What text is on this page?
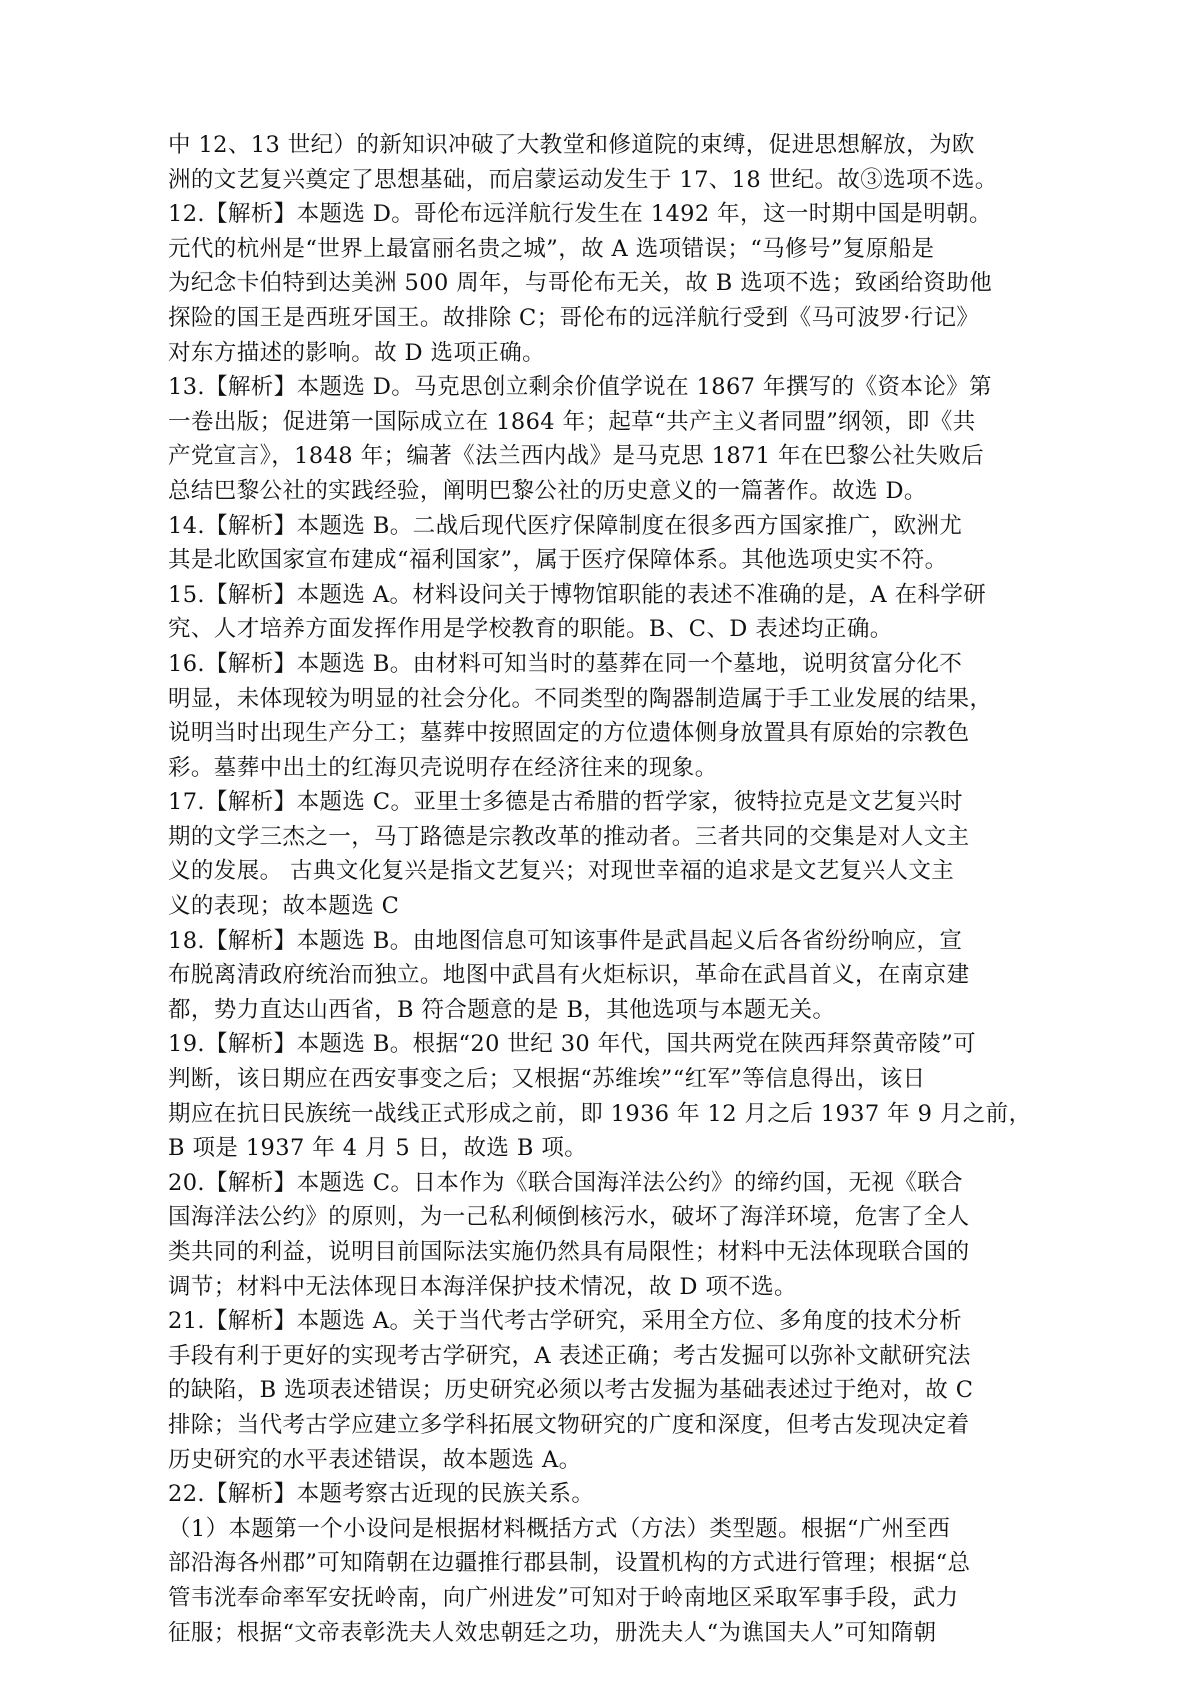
中 12、13 世纪）的新知识冲破了大教堂和修道院的束缚，促进思想解放，为欧
洲的文艺复兴奠定了思想基础，而启蒙运动发生于 17、18 世纪。故③选项不选。
12.【解析】本题选 D。哥伦布远洋航行发生在 1492 年，这一时期中国是明朝。
元代的杭州是“世界上最富丽名贵之城”，故 A 选项错误；“马修号”复原船是
为纪念卡伯特到达美洲 500 周年，与哥伦布无关，故 B 选项不选；致函给资助他
探险的国王是西班牙国王。故排除 C；哥伦布的远洋航行受到《马可波罗·行记》
对东方描述的影响。故 D 选项正确。
13.【解析】本题选 D。马克思创立剩余价值学说在 1867 年撰写的《资本论》第
一卷出版；促进第一国际成立在 1864 年；起草“共产主义者同盟”纲领，即《共
产党宣言》，1848 年；编著《法兰西内战》是马克思 1871 年在巴黎公社失败后
总结巴黎公社的实践经验，阐明巴黎公社的历史意义的一篇著作。故选 D。
14.【解析】本题选 B。二战后现代医疗保障制度在很多西方国家推广，欧洲尤
其是北欧国家宣布建成“福利国家”，属于医疗保障体系。其他选项史实不符。
15.【解析】本题选 A。材料设问关于博物馆职能的表述不准确的是，A 在科学研
究、人才培养方面发挥作用是学校教育的职能。B、C、D 表述均正确。
16.【解析】本题选 B。由材料可知当时的墓葬在同一个墓地，说明贫富分化不
明显，未体现较为明显的社会分化。不同类型的陶器制造属于手工业发展的结果，
说明当时出现生产分工；墓葬中按照固定的方位遗体侧身放置具有原始的宗教色
彩。墓葬中出土的红海贝壳说明存在经济往来的现象。
17.【解析】本题选 C。亚里士多德是古希腊的哲学家，彼特拉克是文艺复兴时
期的文学三杰之一，马丁路德是宗教改革的推动者。三者共同的交集是对人文主
义的发展。 古典文化复兴是指文艺复兴；对现世幸福的追求是文艺复兴人文主
义的表现；故本题选 C
18.【解析】本题选 B。由地图信息可知该事件是武昌起义后各省纷纷响应，宣
布脱离清政府统治而独立。地图中武昌有火炬标识，革命在武昌首义，在南京建
都，势力直达山西省，B 符合题意的是 B，其他选项与本题无关。
19.【解析】本题选 B。根据“20 世纪 30 年代，国共两党在陕西拜祭黄帝陵”可
判断，该日期应在西安事变之后；又根据“苏维埃”“红军”等信息得出，该日
期应在抗日民族统一战线正式形成之前，即 1936 年 12 月之后 1937 年 9 月之前，
B 项是 1937 年 4 月 5 日，故选 B 项。
20.【解析】本题选 C。日本作为《联合国海洋法公约》的缔约国，无视《联合
国海洋法公约》的原则，为一己私利倾倒核污水，破坏了海洋环境，危害了全人
类共同的利益，说明目前国际法实施仍然具有局限性；材料中无法体现联合国的
调节；材料中无法体现日本海洋保护技术情况，故 D 项不选。
21.【解析】本题选 A。关于当代考古学研究，采用全方位、多角度的技术分析
手段有利于更好的实现考古学研究，A 表述正确；考古发掘可以弥补文献研究法
的缺陷，B 选项表述错误；历史研究必须以考古发掘为基础表述过于绝对，故 C
排除；当代考古学应建立多学科拓展文物研究的广度和深度，但考古发现决定着
历史研究的水平表述错误，故本题选 A。
22.【解析】本题考察古近现的民族关系。
（1）本题第一个小设问是根据材料概括方式（方法）类型题。根据“广州至西
部沿海各州郡”可知隋朝在边疆推行郡县制，设置机构的方式进行管理；根据“总
管韦洸奉命率军安抚岭南，向广州进发”可知对于岭南地区采取军事手段，武力
征服；根据“文帝表彰洗夫人效忠朝廷之功，册洗夫人“为谯国夫人”可知隋朝
